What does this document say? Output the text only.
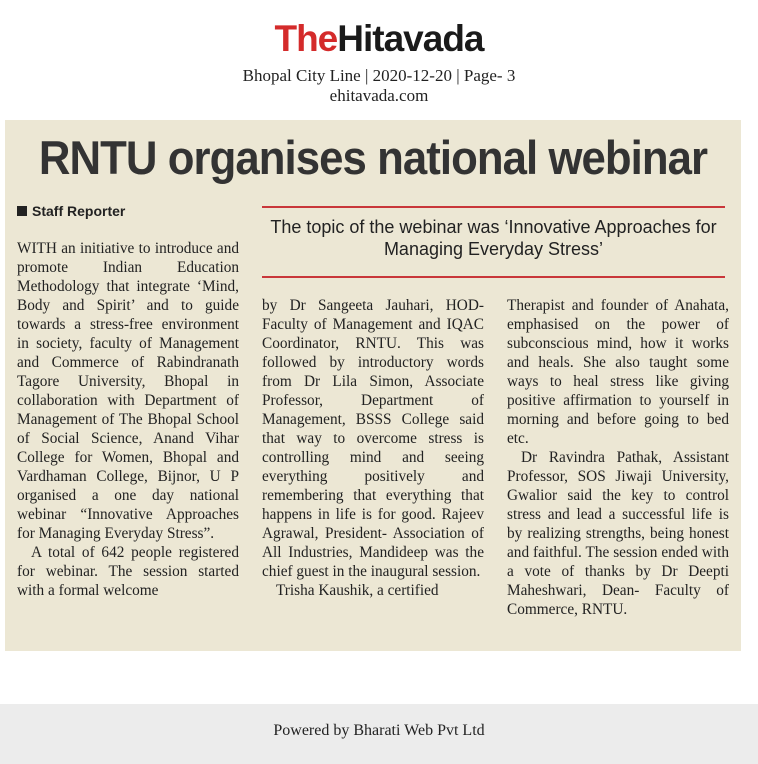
TheHitavada
Bhopal City Line | 2020-12-20 | Page- 3
ehitavada.com
RNTU organises national webinar
Staff Reporter
The topic of the webinar was ‘Innovative Approaches for Managing Everyday Stress’

WITH an initiative to introduce and promote Indian Education Methodology that integrate ‘Mind, Body and Spirit’ and to guide towards a stress-free environment in society, faculty of Management and Commerce of Rabindranath Tagore University, Bhopal in collaboration with Department of Management of The Bhopal School of Social Science, Anand Vihar College for Women, Bhopal and Vardhaman College, Bijnor, U P organised a one day national webinar “Innovative Approaches for Managing Everyday Stress”.

A total of 642 people registered for webinar. The session started with a formal welcome

by Dr Sangeeta Jauhari, HOD- Faculty of Management and IQAC Coordinator, RNTU. This was followed by introductory words from Dr Lila Simon, Associate Professor, Department of Management, BSSS College said that way to overcome stress is controlling mind and seeing everything positively and remembering that everything that happens in life is for good. Rajeev Agrawal, President- Association of All Industries, Mandideep was the chief guest in the inaugural session.

Trisha Kaushik, a certified

Therapist and founder of Anahata, emphasised on the power of subconscious mind, how it works and heals. She also taught some ways to heal stress like giving positive affirmation to yourself in morning and before going to bed etc.

Dr Ravindra Pathak, Assistant Professor, SOS Jiwaji University, Gwalior said the key to control stress and lead a successful life is by realizing strengths, being honest and faithful. The session ended with a vote of thanks by Dr Deepti Maheshwari, Dean- Faculty of Commerce, RNTU.

Powered by Bharati Web Pvt Ltd
